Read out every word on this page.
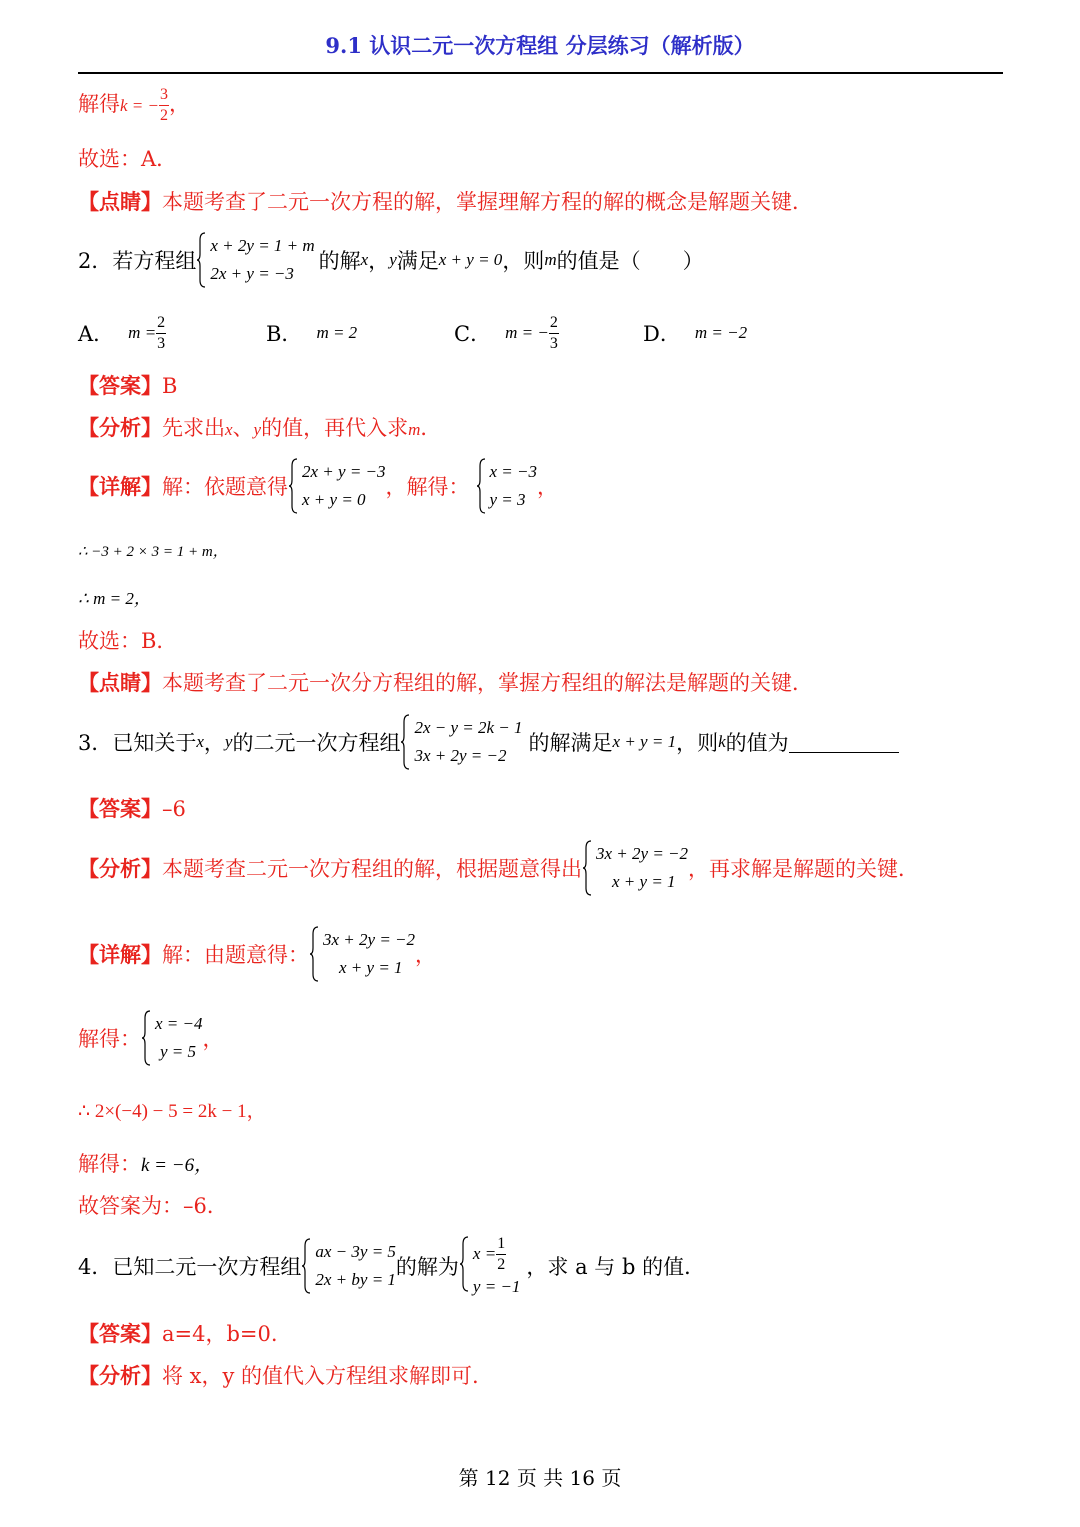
9.1 认识二元一次方程组 分层练习（解析版）
解得k = − $\frac{3}{2}$ ，
故选：A．
【点睛】本题考查了二元一次方程的解，掌握理解方程的解的概念是解题关键．
2．若方程组
x + 2y = 1 + m
2x + y = −3
的解 x ， y 满足 x + y = 0 ，则 m 的值是（　　）
A． $m = \frac{2}{3}$	B． m = 2	C． m = − $\frac{2}{3}$	D． m = −2
【答案】B
【分析】先求出x、y的值，再代入求m．
【详解】 解：依题意得
2x + y = −3
x + y = 0
，解得：
x = −3
y = 3
，
∴ −3 + 2 × 3 = 1 + m，
∴ m = 2，
故选：B．
【点睛】本题考查了二元一次分方程组的解，掌握方程组的解法是解题的关键．
3．已知关于 x ， y 的二元一次方程组
2x − y = 2k − 1
3x + 2y = −2
的解满足 x + y = 1 ，则 k 的值为
【答案】–6
【分析】 本题考查二元一次方程组的解，根据题意得出
3x + 2y = −2
x + y = 1
，再求解是解题的关键．
【详解】 解：由题意得：
3x + 2y = −2
x + y = 1
，
解得：
x = −4
y = 5
，
∴ 2×(−4) − 5 = 2k − 1，
解得：k = −6，
故答案为：–6．
4．已知二元一次方程组
ax − 3y = 5
2x + by = 1
的解为
$x = \frac{1}{2}$
y = −1
，求 a 与 b 的值．
【答案】a=4，b=0.
【分析】将 x，y 的值代入方程组求解即可.
第 12 页 共 16 页
